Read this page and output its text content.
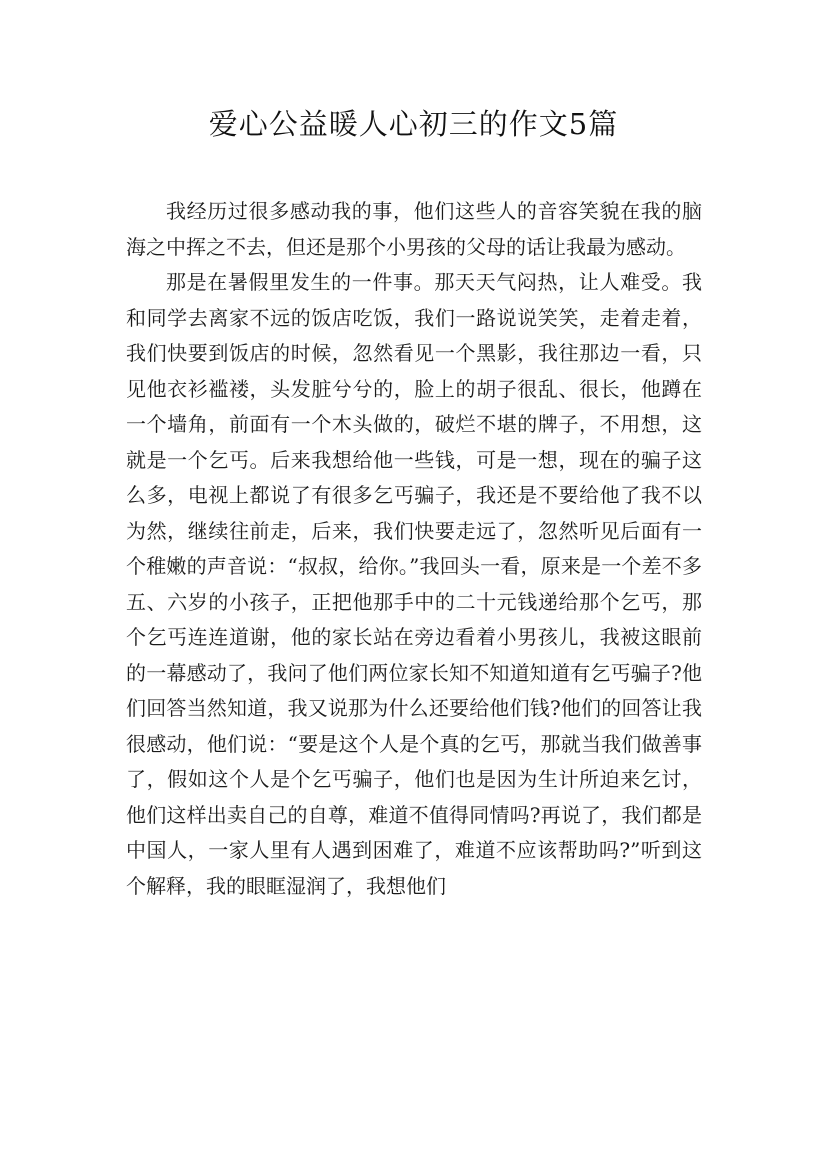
爱心公益暖人心初三的作文5篇

我经历过很多感动我的事，他们这些人的音容笑貌在我的脑海之中挥之不去，但还是那个小男孩的父母的话让我最为感动。

那是在暑假里发生的一件事。那天天气闷热，让人难受。我和同学去离家不远的饭店吃饭，我们一路说说笑笑，走着走着，我们快要到饭店的时候，忽然看见一个黑影，我往那边一看，只见他衣衫褴褛，头发脏兮兮的，脸上的胡子很乱、很长，他蹲在一个墙角，前面有一个木头做的，破烂不堪的牌子，不用想，这就是一个乞丐。后来我想给他一些钱，可是一想，现在的骗子这么多，电视上都说了有很多乞丐骗子，我还是不要给他了我不以为然，继续往前走，后来，我们快要走远了，忽然听见后面有一个稚嫩的声音说：“叔叔，给你。”我回头一看，原来是一个差不多五、六岁的小孩子，正把他那手中的二十元钱递给那个乞丐，那个乞丐连连道谢，他的家长站在旁边看着小男孩儿，我被这眼前的一幕感动了，我问了他们两位家长知不知道知道有乞丐骗子?他们回答当然知道，我又说那为什么还要给他们钱?他们的回答让我很感动，他们说：“要是这个人是个真的乞丐，那就当我们做善事了，假如这个人是个乞丐骗子，他们也是因为生计所迫来乞讨，他们这样出卖自己的自尊，难道不值得同情吗?再说了，我们都是中国人，一家人里有人遇到困难了，难道不应该帮助吗?”听到这个解释，我的眼眶湿润了，我想他们
